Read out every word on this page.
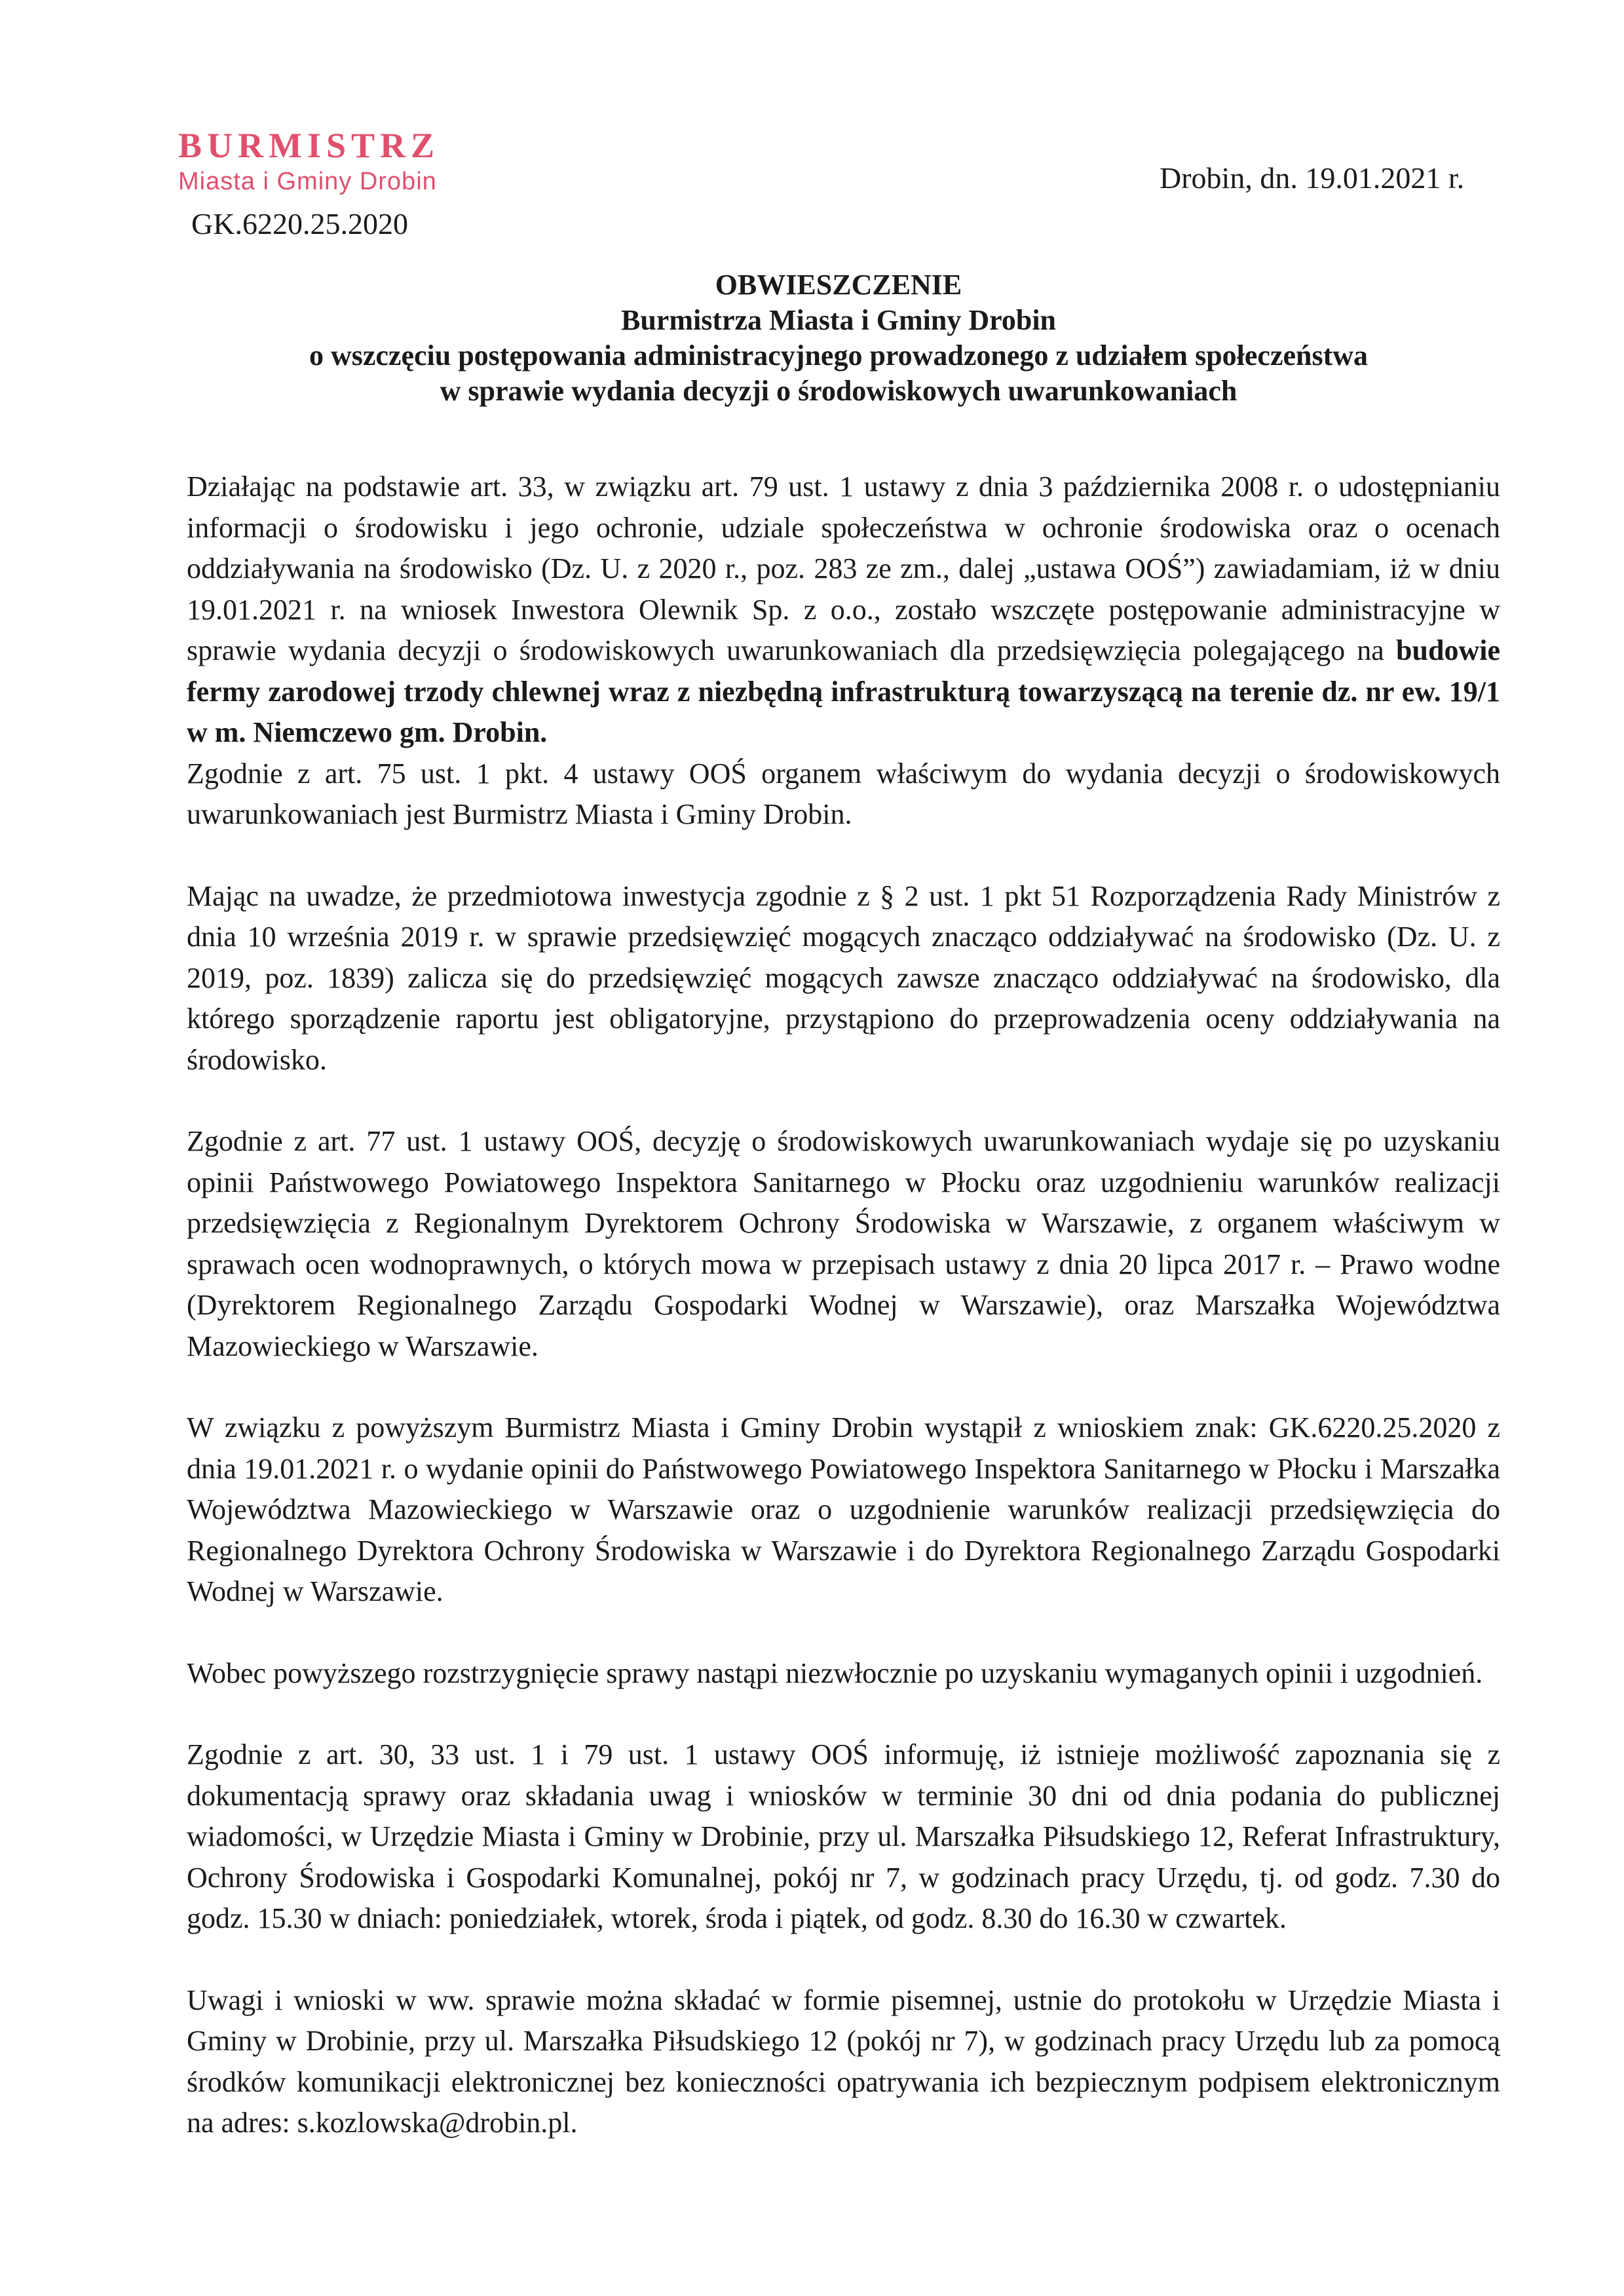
BURMISTRZ
Miasta i Gminy Drobin
GK.6220.25.2020
Drobin, dn. 19.01.2021 r.
OBWIESZCZENIE
Burmistrza Miasta i Gminy Drobin
o wszczęciu postępowania administracyjnego prowadzonego z udziałem społeczeństwa
w sprawie wydania decyzji o środowiskowych uwarunkowaniach

Działając na podstawie art. 33, w związku art. 79 ust. 1 ustawy z dnia 3 października 2008 r. o udostępnianiu informacji o środowisku i jego ochronie, udziale społeczeństwa w ochronie środowiska oraz o ocenach oddziaływania na środowisko (Dz. U. z 2020 r., poz. 283 ze zm., dalej „ustawa OOŚ”) zawiadamiam, iż w dniu 19.01.2021 r. na wniosek Inwestora Olewnik Sp. z o.o., zostało wszczęte postępowanie administracyjne w sprawie wydania decyzji o środowiskowych uwarunkowaniach dla przedsięwzięcia polegającego na budowie fermy zarodowej trzody chlewnej wraz z niezbędną infrastrukturą towarzyszącą na terenie dz. nr ew. 19/1 w m. Niemczewo gm. Drobin.

Zgodnie z art. 75 ust. 1 pkt. 4 ustawy OOŚ organem właściwym do wydania decyzji o środowiskowych uwarunkowaniach jest Burmistrz Miasta i Gminy Drobin.

Mając na uwadze, że przedmiotowa inwestycja zgodnie z § 2 ust. 1 pkt 51 Rozporządzenia Rady Ministrów z dnia 10 września 2019 r. w sprawie przedsięwzięć mogących znacząco oddziaływać na środowisko (Dz. U. z 2019, poz. 1839) zalicza się do przedsięwzięć mogących zawsze znacząco oddziaływać na środowisko, dla którego sporządzenie raportu jest obligatoryjne, przystąpiono do przeprowadzenia oceny oddziaływania na środowisko.

Zgodnie z art. 77 ust. 1 ustawy OOŚ, decyzję o środowiskowych uwarunkowaniach wydaje się po uzyskaniu opinii Państwowego Powiatowego Inspektora Sanitarnego w Płocku oraz uzgodnieniu warunków realizacji przedsięwzięcia z Regionalnym Dyrektorem Ochrony Środowiska w Warszawie, z organem właściwym w sprawach ocen wodnoprawnych, o których mowa w przepisach ustawy z dnia 20 lipca 2017 r. – Prawo wodne (Dyrektorem Regionalnego Zarządu Gospodarki Wodnej w Warszawie), oraz Marszałka Województwa Mazowieckiego w Warszawie.

W związku z powyższym Burmistrz Miasta i Gminy Drobin wystąpił z wnioskiem znak: GK.6220.25.2020 z dnia 19.01.2021 r. o wydanie opinii do Państwowego Powiatowego Inspektora Sanitarnego w Płocku i Marszałka Województwa Mazowieckiego w Warszawie oraz o uzgodnienie warunków realizacji przedsięwzięcia do Regionalnego Dyrektora Ochrony Środowiska w Warszawie i do Dyrektora Regionalnego Zarządu Gospodarki Wodnej w Warszawie.

Wobec powyższego rozstrzygnięcie sprawy nastąpi niezwłocznie po uzyskaniu wymaganych opinii i uzgodnień.

Zgodnie z art. 30, 33 ust. 1 i 79 ust. 1 ustawy OOŚ informuję, iż istnieje możliwość zapoznania się z dokumentacją sprawy oraz składania uwag i wniosków w terminie 30 dni od dnia podania do publicznej wiadomości, w Urzędzie Miasta i Gminy w Drobinie, przy ul. Marszałka Piłsudskiego 12, Referat Infrastruktury, Ochrony Środowiska i Gospodarki Komunalnej, pokój nr 7, w godzinach pracy Urzędu, tj. od godz. 7.30 do godz. 15.30 w dniach: poniedziałek, wtorek, środa i piątek, od godz. 8.30 do 16.30 w czwartek.

Uwagi i wnioski w ww. sprawie można składać w formie pisemnej, ustnie do protokołu w Urzędzie Miasta i Gminy w Drobinie, przy ul. Marszałka Piłsudskiego 12 (pokój nr 7), w godzinach pracy Urzędu lub za pomocą środków komunikacji elektronicznej bez konieczności opatrywania ich bezpiecznym podpisem elektronicznym na adres: s.kozlowska@drobin.pl.
